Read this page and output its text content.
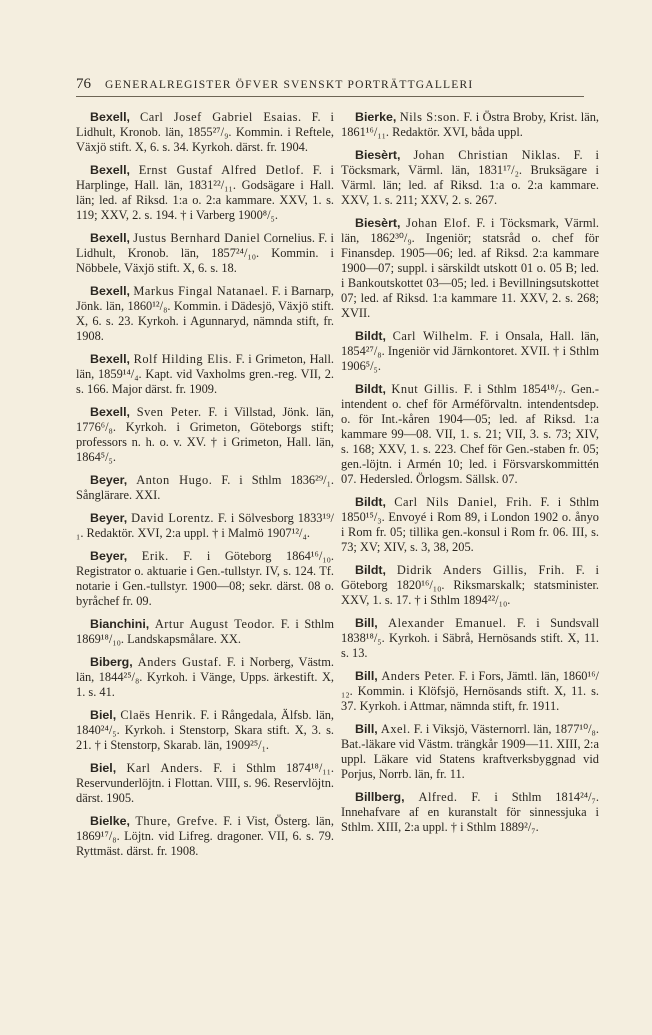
76 GENERALREGISTER ÖFVER SVENSKT PORTRÄTTGALLERI

Bexell, Carl Josef Gabriel Esaias. F. i Lidhult, Kronob. län, 1855²⁷/₉. Kommin. i Reftele, Växjö stift. X, 6. s. 34. Kyrkoh. därst. fr. 1904.

Bexell, Ernst Gustaf Alfred Detlof. F. i Harplinge, Hall. län, 1831²²/₁₁. Godsägare i Hall. län; led. af Riksd. 1:a o. 2:a kammare. XXV, 1. s. 119; XXV, 2. s. 194. † i Varberg 1900⁸/₅.

Bexell, Justus Bernhard Daniel Cornelius. F. i Lidhult, Kronob. län, 1857²⁴/₁₀. Kommin. i Nöbbele, Växjö stift. X, 6. s. 18.

Bexell, Markus Fingal Natanael. F. i Barnarp, Jönk. län, 1860¹²/₈. Kommin. i Dädesjö, Växjö stift. X, 6. s. 23. Kyrkoh. i Agunnaryd, nämnda stift, fr. 1908.

Bexell, Rolf Hilding Elis. F. i Grimeton, Hall. län, 1859¹⁴/₄. Kapt. vid Vaxholms gren.-reg. VII, 2. s. 166. Major därst. fr. 1909.

Bexell, Sven Peter. F. i Villstad, Jönk. län, 1776⁶/₈. Kyrkoh. i Grimeton, Göteborgs stift; professors n. h. o. v. XV. † i Grimeton, Hall. län, 1864⁵/₅.

Beyer, Anton Hugo. F. i Sthlm 1836²⁹/₁. Sånglärare. XXI.

Beyer, David Lorentz. F. i Sölvesborg 1833¹⁹/₁. Redaktör. XVI, 2:a uppl. † i Malmö 1907¹²/₄.

Beyer, Erik. F. i Göteborg 1864¹⁶/₁₀. Registrator o. aktuarie i Gen.-tullstyr. IV, s. 124. Tf. notarie i Gen.-tullstyr. 1900—08; sekr. därst. 08 o. byråchef fr. 09.

Bianchini, Artur August Teodor. F. i Sthlm 1869¹⁸/₁₀. Landskapsmålare. XX.

Biberg, Anders Gustaf. F. i Norberg, Västm. län, 1844²⁵/₈. Kyrkoh. i Vänge, Upps. ärkestift. X, 1. s. 41.

Biel, Claës Henrik. F. i Rångedala, Älfsb. län, 1840²⁴/₅. Kyrkoh. i Stenstorp, Skara stift. X, 3. s. 21. † i Stenstorp, Skarab. län, 1909²⁵/₁.

Biel, Karl Anders. F. i Sthlm 1874¹⁸/₁₁. Reservunderlöjtn. i Flottan. VIII, s. 96. Reservlöjtn. därst. 1905.

Bielke, Thure, Grefve. F. i Vist, Österg. län, 1869¹⁷/₈. Löjtn. vid Lifreg. dragoner. VII, 6. s. 79. Ryttmäst. därst. fr. 1908.

Bierke, Nils S:son. F. i Östra Broby, Krist. län, 1861¹⁶/₁₁. Redaktör. XVI, båda uppl.

Biesèrt, Johan Christian Niklas. F. i Töcksmark, Värml. län, 1831¹⁷/₂. Bruksägare i Värml. län; led. af Riksd. 1:a o. 2:a kammare. XXV, 1. s. 211; XXV, 2. s. 267.

Biesèrt, Johan Elof. F. i Töcksmark, Värml. län, 1862³⁰/₉. Ingeniör; statsråd o. chef för Finansdep. 1905—06; led. af Riksd. 2:a kammare 1900—07; suppl. i särskildt utskott 01 o. 05 B; led. i Bankoutskottet 03—05; led. i Bevillningsutskottet 07; led. af Riksd. 1:a kammare 11. XXV, 2. s. 268; XVII.

Bildt, Carl Wilhelm. F. i Onsala, Hall. län, 1854²⁷/₈. Ingeniör vid Järnkontoret. XVII. † i Sthlm 1906⁵/₅.

Bildt, Knut Gillis. F. i Sthlm 1854¹⁸/₇. Gen.-intendent o. chef för Arméförvaltn. intendentsdep. o. för Int.-kåren 1904—05; led. af Riksd. 1:a kammare 99—08. VII, 1. s. 21; VII, 3. s. 73; XIV, s. 168; XXV, 1. s. 223. Chef för Gen.-staben fr. 05; gen.-löjtn. i Armén 10; led. i Försvarskommittén 07. Hedersled. Örlogsm. Sällsk. 07.

Bildt, Carl Nils Daniel, Frih. F. i Sthlm 1850¹⁵/₃. Envoyé i Rom 89, i London 1902 o. ånyo i Rom fr. 05; tillika gen.-konsul i Rom fr. 06. III, s. 73; XV; XIV, s. 3, 38, 205.

Bildt, Didrik Anders Gillis, Frih. F. i Göteborg 1820¹⁶/₁₀. Riksmarskalk; statsminister. XXV, 1. s. 17. † i Sthlm 1894²²/₁₀.

Bill, Alexander Emanuel. F. i Sundsvall 1838¹⁸/₅. Kyrkoh. i Säbrå, Hernösands stift. X, 11. s. 13.

Bill, Anders Peter. F. i Fors, Jämtl. län, 1860¹⁶/₁₂. Kommin. i Klöfsjö, Hernösands stift. X, 11. s. 37. Kyrkoh. i Attmar, nämnda stift, fr. 1911.

Bill, Axel. F. i Viksjö, Västernorrl. län, 1877¹⁰/₈. Bat.-läkare vid Västm. trängkår 1909—11. XIII, 2:a uppl. Läkare vid Statens kraftverksbyggnad vid Porjus, Norrb. län, fr. 11.

Billberg, Alfred. F. i Sthlm 1814²⁴/₇. Innehafvare af en kuranstalt för sinnessjuka i Sthlm. XIII, 2:a uppl. † i Sthlm 1889²/₇.
